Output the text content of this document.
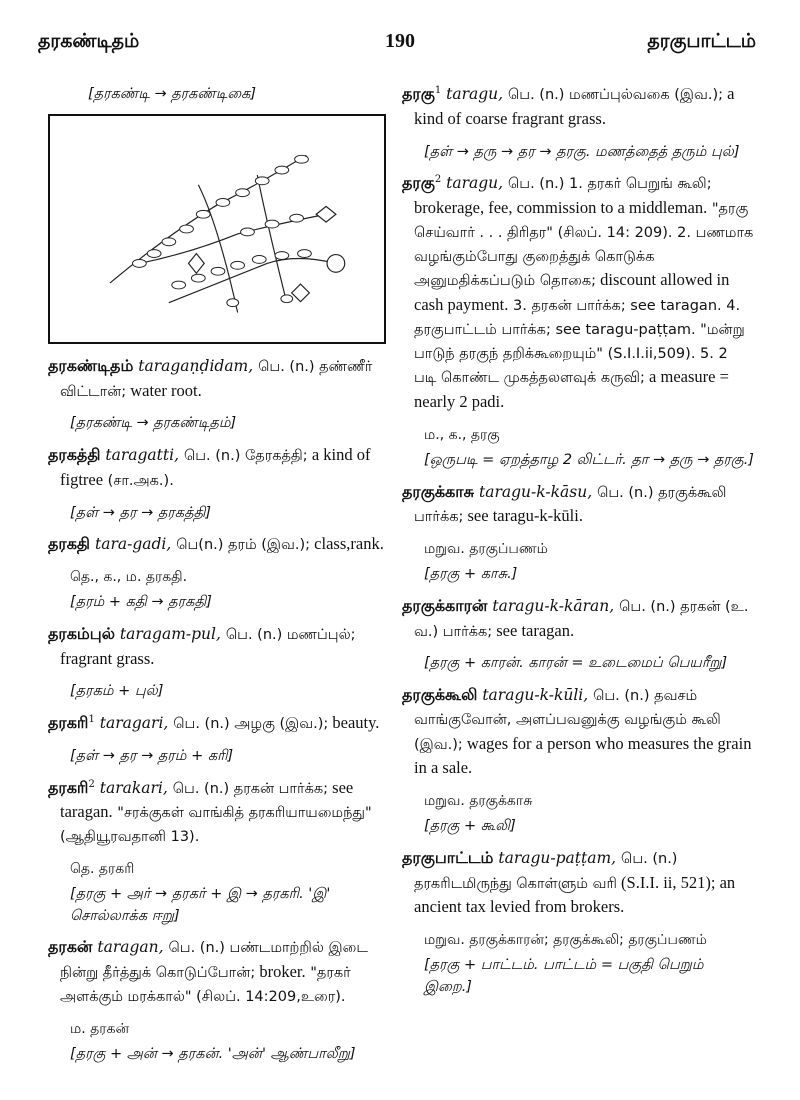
தரகண்டிதம்	190	தரகுபாட்டம்
[தரகண்டி → தரகண்டிகை]
தரகண்டிதம் taragaṇḍidam, பெ. (n.) தண்ணீர் விட்டான்; water root.
[தரகண்டி → தரகண்டிதம்]
தரகத்தி taragatti, பெ. (n.) தேரகத்தி; a kind of figtree (சா.அக.).
[தள் → தர → தரகத்தி]
தரகதி tara-gadi, பெ(n.) தரம் (இவ.); class,rank.
தெ., க., ம. தரகதி.
[தரம் + கதி → தரகதி]
தரகம்புல் taragam-pul, பெ. (n.) மணப்புல்; fragrant grass.
[தரகம் + புல்]
தரகரி$^1$ taragari, பெ. (n.) அழகு (இவ.); beauty.
[தள் → தர → தரம் + கரி]
தரகரி$^2$ tarakari, பெ. (n.) தரகன் பார்க்க; see taragan. "சரக்குகள் வாங்கித் தரகரியாயமைந்து" (ஆதியூரவதானி 13).
தெ. தரகரி
[தரகு + அர் → தரகர் + இ → தரகரி. 'இ' சொல்லாக்க ஈறு]
தரகன் taragan, பெ. (n.) பண்டமாற்றில் இடை நின்று தீர்த்துக் கொடுப்போன்; broker. "தரகர் அளக்கும் மரக்கால்" (சிலப். 14:209,உரை).
ம. தரகன்
[தரகு + அன் → தரகன். 'அன்' ஆண்பாலீறு]
தரகு$^1$ taragu, பெ. (n.) மணப்புல்வகை (இவ.); a kind of coarse fragrant grass.
[தள் → தரு → தர → தரகு. மணத்தைத் தரும் புல்]
தரகு$^2$ taragu, பெ. (n.) 1. தரகர் பெறுங் கூலி; brokerage, fee, commission to a middleman. "தரகு செய்வார் . . . திரிதர" (சிலப். 14: 209). 2. பணமாக வழங்கும்போது குறைத்துக் கொடுக்க அனுமதிக்கப்படும் தொகை; discount allowed in cash payment. 3. தரகன் பார்க்க; see taragan. 4. தரகுபாட்டம் பார்க்க; see taragu-paṭṭam. "மன்று பாடுந் தரகுந் தறிக்கூறையும்" (S.I.I.ii,509). 5. 2 படி கொண்ட முகத்தலளவுக் கருவி; a measure = nearly 2 padi.
ம., க., தரகு
[ஒருபடி = ஏறத்தாழ 2 லிட்டர். தா → தரு → தரகு.]
தரகுக்காசு taragu-k-kāsu, பெ. (n.) தரகுக்கூலி பார்க்க; see taragu-k-kūli.
மறுவ. தரகுப்பணம்
[தரகு + காசு.]
தரகுக்காரன் taragu-k-kāran, பெ. (n.) தரகன் (உ. வ.) பார்க்க; see taragan.
[தரகு + காரன். காரன் = உடைமைப் பெயரீறு]
தரகுக்கூலி taragu-k-kūli, பெ. (n.) தவசம் வாங்குவோன், அளப்பவனுக்கு வழங்கும் கூலி (இவ.); wages for a person who measures the grain in a sale.
மறுவ. தரகுக்காசு
[தரகு + கூலி]
தரகுபாட்டம் taragu-paṭṭam, பெ. (n.) தரகரிடமிருந்து கொள்ளும் வரி (S.I.I. ii, 521); an ancient tax levied from brokers.
மறுவ. தரகுக்காரன்; தரகுக்கூலி; தரகுப்பணம்
[தரகு + பாட்டம். பாட்டம் = பகுதி பெறும் இறை.]
